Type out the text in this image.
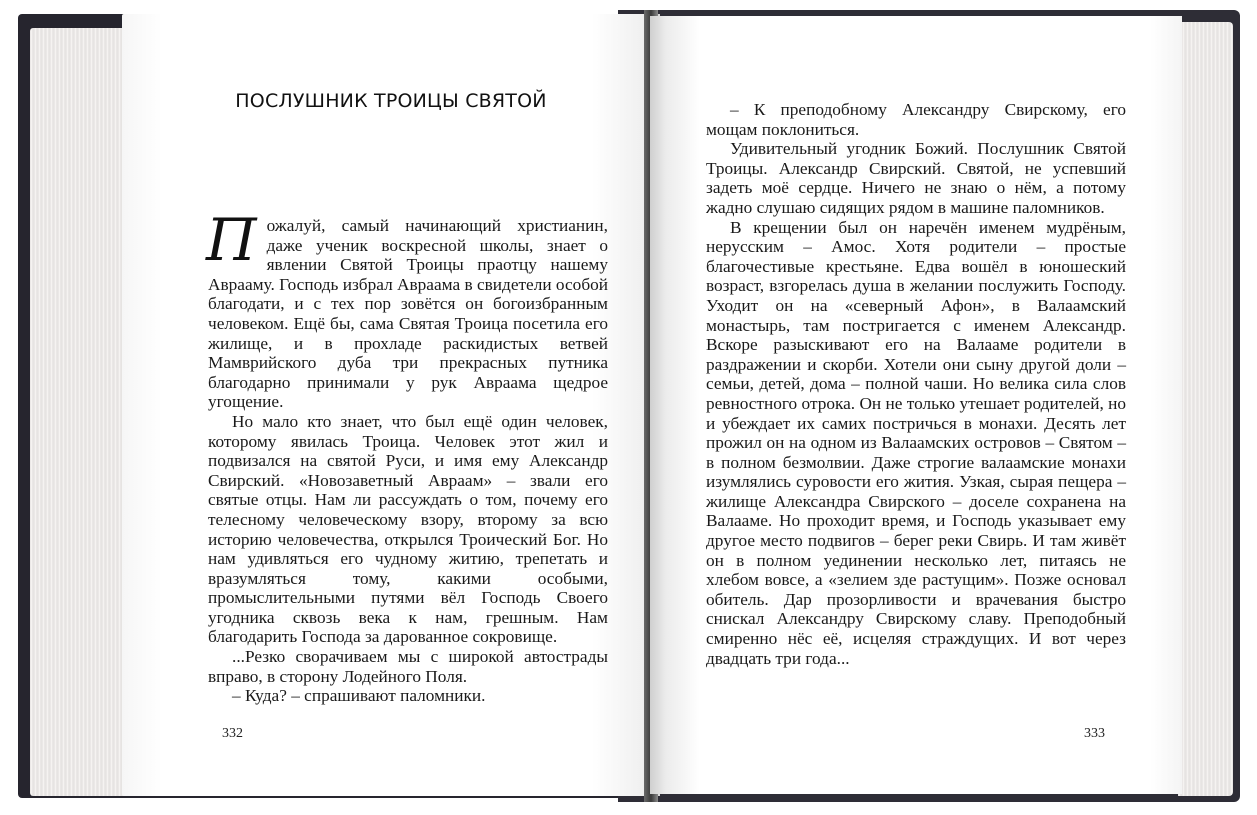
ПОСЛУШНИК ТРОИЦЫ СВЯТОЙ

Пожалуй, самый начинающий христианин, даже ученик воскресной школы, знает о явлении Святой Троицы праотцу нашему Аврааму. Господь избрал Авраама в свидетели особой благодати, и с тех пор зовётся он богоизбранным человеком. Ещё бы, сама Святая Троица посетила его жилище, и в прохладе раскидистых ветвей Мамврийского дуба три прекрасных путника благодарно принимали у рук Авраама щедрое угощение.

Но мало кто знает, что был ещё один человек, которому явилась Троица. Человек этот жил и подвизался на святой Руси, и имя ему Александр Свирский. «Новозаветный Авраам» – звали его святые отцы. Нам ли рассуждать о том, почему его телесному человеческому взору, второму за всю историю человечества, открылся Троический Бог. Но нам удивляться его чудному житию, трепетать и вразумляться тому, какими особыми, промыслительными путями вёл Господь Своего угодника сквозь века к нам, грешным. Нам благодарить Господа за дарованное сокровище.

...Резко сворачиваем мы с широкой автострады вправо, в сторону Лодейного Поля.

– Куда? – спрашивают паломники.

332

– К преподобному Александру Свирскому, его мощам поклониться.

Удивительный угодник Божий. Послушник Святой Троицы. Александр Свирский. Святой, не успевший задеть моё сердце. Ничего не знаю о нём, а потому жадно слушаю сидящих рядом в машине паломников.

В крещении был он наречён именем мудрёным, нерусским – Амос. Хотя родители – простые благочестивые крестьяне. Едва вошёл в юношеский возраст, взгорелась душа в желании послужить Господу. Уходит он на «северный Афон», в Валаамский монастырь, там постригается с именем Александр. Вскоре разыскивают его на Валааме родители в раздражении и скорби. Хотели они сыну другой доли – семьи, детей, дома – полной чаши. Но велика сила слов ревностного отрока. Он не только утешает родителей, но и убеждает их самих постричься в монахи. Десять лет прожил он на одном из Валаамских островов – Святом – в полном безмолвии. Даже строгие валаамские монахи изумлялись суровости его жития. Узкая, сырая пещера – жилище Александра Свирского – доселе сохранена на Валааме. Но проходит время, и Господь указывает ему другое место подвигов – берег реки Свирь. И там живёт он в полном уединении несколько лет, питаясь не хлебом вовсе, а «зелием зде растущим». Позже основал обитель. Дар прозорливости и врачевания быстро снискал Александру Свирскому славу. Преподобный смиренно нёс её, исцеляя страждущих. И вот через двадцать три года...

333
